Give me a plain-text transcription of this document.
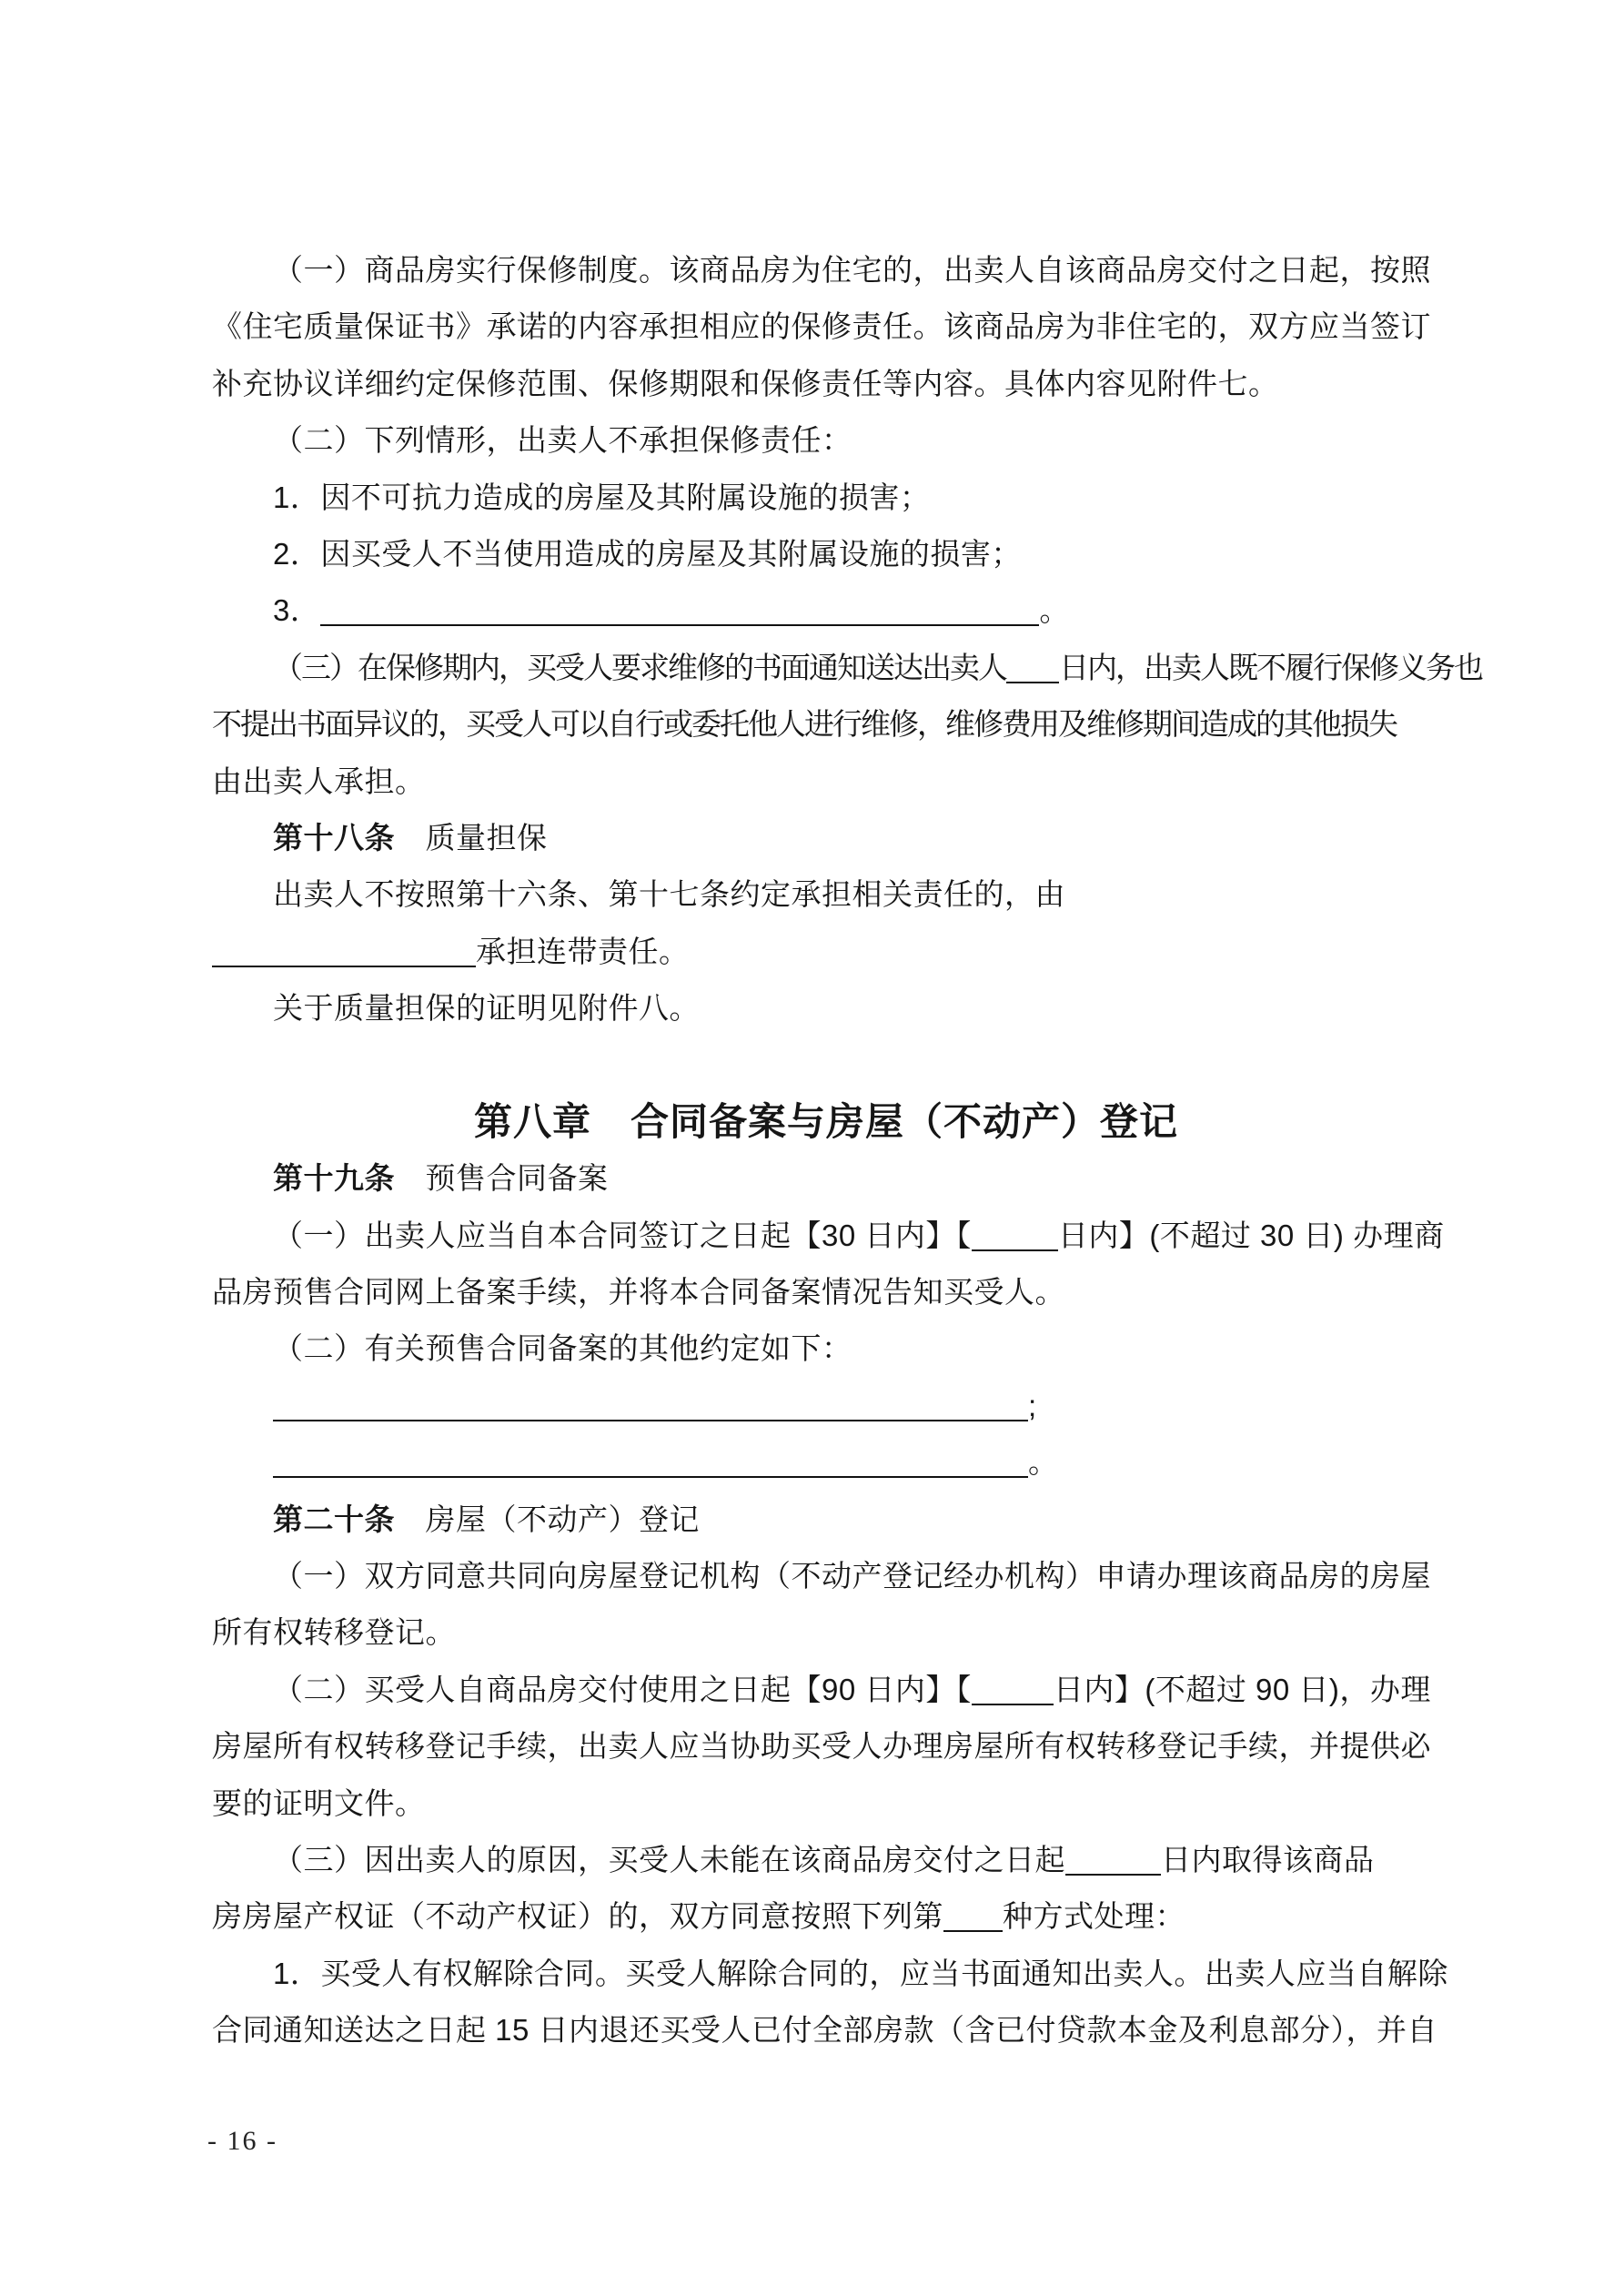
（一）商品房实行保修制度。该商品房为住宅的，出卖人自该商品房交付之日起，按照
《住宅质量保证书》承诺的内容承担相应的保修责任。该商品房为非住宅的，双方应当签订
补充协议详细约定保修范围、保修期限和保修责任等内容。具体内容见附件七。
（二）下列情形，出卖人不承担保修责任：
1．因不可抗力造成的房屋及其附属设施的损害；
2．因买受人不当使用造成的房屋及其附属设施的损害；
3．	。
（三）在保修期内，买受人要求维修的书面通知送达出卖人 日内，出卖人既不履行保修义务也
不提出书面异议的，买受人可以自行或委托他人进行维修，维修费用及维修期间造成的其他损失
由出卖人承担。
第十八条　质量担保
出卖人不按照第十六条、第十七条约定承担相关责任的，由
承担连带责任。
关于质量担保的证明见附件八。
第八章　合同备案与房屋（不动产）登记
第十九条　预售合同备案
（一）出卖人应当自本合同签订之日起【30 日内】【	日内】(不超过 30 日) 办理商
品房预售合同网上备案手续，并将本合同备案情况告知买受人。
（二）有关预售合同备案的其他约定如下：
;
。
第二十条　房屋（不动产）登记
（一）双方同意共同向房屋登记机构（不动产登记经办机构）申请办理该商品房的房屋
所有权转移登记。
（二）买受人自商品房交付使用之日起【90 日内】【	日内】(不超过 90 日)，办理
房屋所有权转移登记手续，出卖人应当协助买受人办理房屋所有权转移登记手续，并提供必
要的证明文件。
（三）因出卖人的原因，买受人未能在该商品房交付之日起	日内取得该商品
房房屋产权证（不动产权证）的，双方同意按照下列第 种方式处理：
1．买受人有权解除合同。买受人解除合同的，应当书面通知出卖人。出卖人应当自解除
合同通知送达之日起 15 日内退还买受人已付全部房款（含已付贷款本金及利息部分），并自
- 16 -
